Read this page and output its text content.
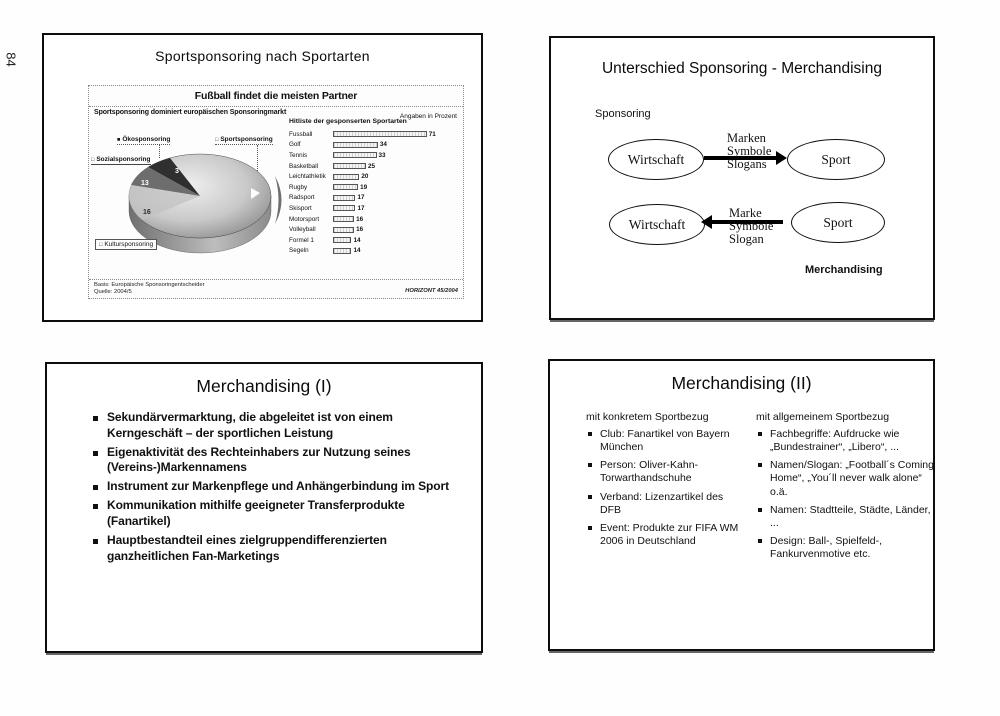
84	Sportsponsoring nach Sportarten
Fußball findet die meisten Partner
Sportsponsoring dominiert europäischen Sponsoringmarkt
Angaben in Prozent
3
13
16
■ Ökosponsoring	□ Sportsponsoring
□ Sozialsponsoring
□ Kultursponsoring
Hitliste der gesponserten Sportarten
Fussball	71
Golf	34
Tennis	33
Basketball	25
Leichtathletik	20
Rugby	19
Radsport	17
Skisport	17
Motorsport	16
Volleyball	16
Formel 1	14
Segeln	14
Basis: Europäische Sponsoringentscheider
Quelle: 2004/5	HORIZONT 45/2004
Unterschied Sponsoring - Merchandising
Sponsoring
Wirtschaft
Marken
Symbole
Slogans	Sport
Wirtschaft
Marke
Symbole
Slogan
Sport
Merchandising
Merchandising (I)
Sekundärvermarktung, die abgeleitet ist von einem Kerngeschäft – der sportlichen Leistung
Eigenaktivität des Rechteinhabers zur Nutzung seines (Vereins-)Markennamens
Instrument zur Markenpflege und Anhängerbindung im Sport
Kommunikation mithilfe geeigneter Transferprodukte (Fanartikel)
Hauptbestandteil eines zielgruppendifferenzierten ganzheitlichen Fan-Marketings
Merchandising (II)
mit konkretem Sportbezug
Club: Fanartikel von Bayern München
Person: Oliver-Kahn-Torwarthandschuhe
Verband: Lizenzartikel des DFB
Event: Produkte zur FIFA WM 2006 in Deutschland
mit allgemeinem Sportbezug
Fachbegriffe: Aufdrucke wie „Bundestrainer“, „Libero“, ...
Namen/Slogan: „Football´s Coming Home“, „You´ll never walk alone“ o.ä.
Namen: Stadtteile, Städte, Länder, ...
Design: Ball-, Spielfeld-, Fankurvenmotive etc.
